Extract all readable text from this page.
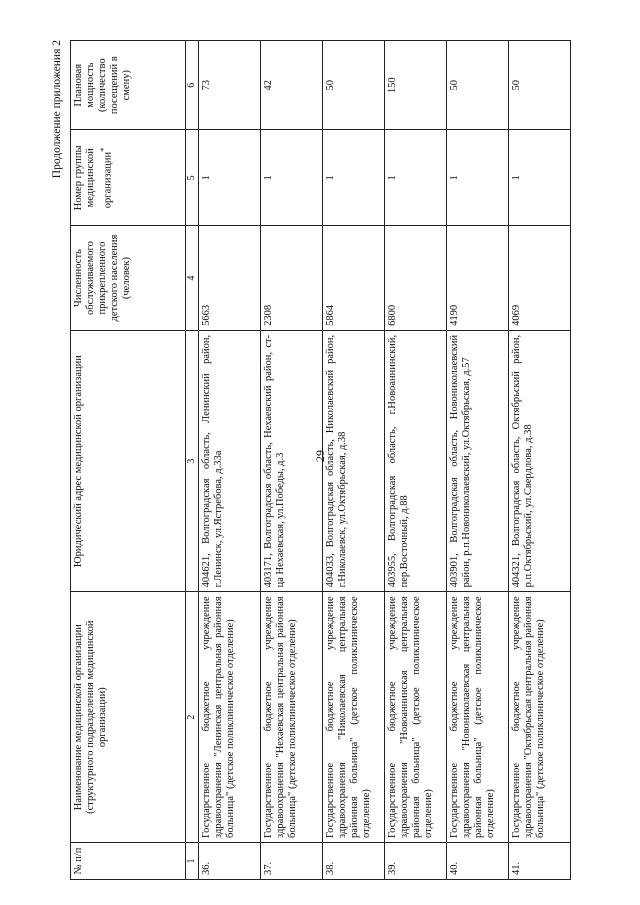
29
Продолжение приложения 2
№ п/п	Наименование медицинской организации (структурного подразделения медицинской организации)	Юридический адрес медицинской организации	Численность обслуживаемого прикрепленного детского населения (человек)	Номер группы медицинской организации*	Плановая мощность (количество посещений в смену)
1	2	3	4	5	6
36.	Государственное бюджетное учреждение здравоохранения "Ленинская центральная районная больница" (детское поликлиническое отделение)	404621, Волгоградская область, Ленинский район, г.Ленинск, ул.Ястребова, д.33а	5663	1	73
37.	Государственное бюджетное учреждение здравоохранения "Нехаевская центральная районная больница" (детское поликлиническое отделение)	403171, Волгоградская область, Нехаевский район, ст-ца Нехаевская, ул.Победы, д.3	2308	1	42
38.	Государственное бюджетное учреждение здравоохранения "Николаевская центральная районная больница" (детское поликлиническое отделение)	404033, Волгоградская область, Николаевский район, г.Николаевск, ул.Октябрьская, д.38	5864	1	50
39.	Государственное бюджетное учреждение здравоохранения "Новоаннинская центральная районная больница" (детское поликлиническое отделение)	403955, Волгоградская область, г.Новоаннинский, пер.Восточный, д.88	6800	1	150
40.	Государственное бюджетное учреждение здравоохранения "Новониколаевская центральная районная больница" (детское поликлиническое отделение)	403901, Волгоградская область, Новониколаевский район, р.п.Новониколаевский, ул.Октябрьская, д.57	4190	1	50
41.	Государственное бюджетное учреждение здравоохранения "Октябрьская центральная районная больница" (детское поликлиническое отделение)	404321, Волгоградская область, Октябрьский район, р.п.Октябрьский, ул.Свердлова, д.38	4069	1	50
